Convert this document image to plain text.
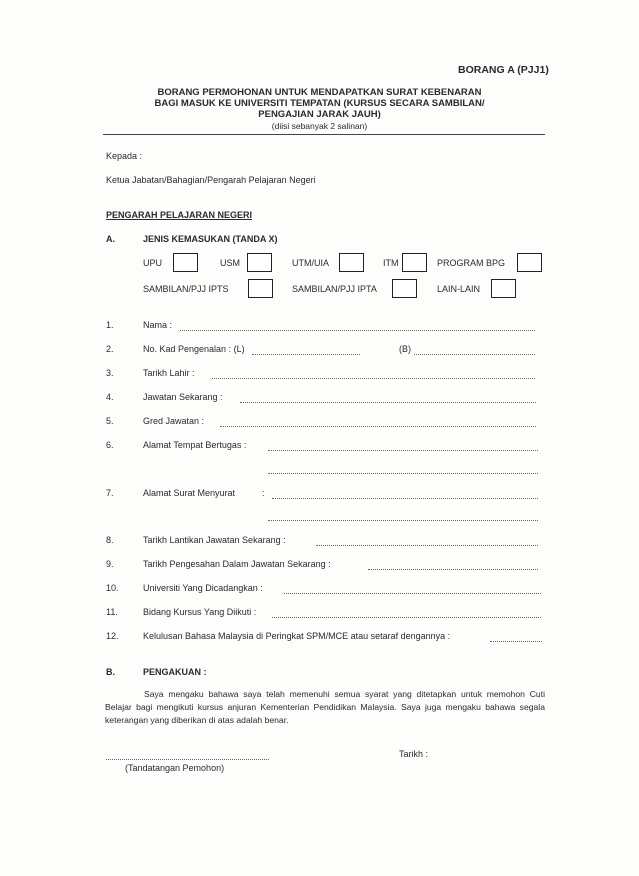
BORANG A (PJJ1)
BORANG PERMOHONAN UNTUK MENDAPATKAN SURAT KEBENARAN
BAGI MASUK KE UNIVERSITI TEMPATAN (KURSUS SECARA SAMBILAN/
PENGAJIAN JARAK JAUH)
(diisi sebanyak 2 salinan)
Kepada :
Ketua Jabatan/Bahagian/Pengarah Pelajaran Negeri
PENGARAH PELAJARAN NEGERI
A.	JENIS KEMASUKAN (TANDA X)
UPU	USM	UTM/UIA	ITM	PROGRAM BPG
SAMBILAN/PJJ IPTS	SAMBILAN/PJJ IPTA	LAIN-LAIN
1.	Nama :
2.	No. Kad Pengenalan : (L)	(B)
3.	Tarikh Lahir :
4.	Jawatan Sekarang :
5.	Gred Jawatan :
6.	Alamat Tempat Bertugas :
7.	Alamat Surat Menyurat	:
8.	Tarikh Lantikan Jawatan Sekarang :
9.	Tarikh Pengesahan Dalam Jawatan Sekarang :
10.	Universiti Yang Dicadangkan :
11.	Bidang Kursus Yang Diikuti :
12.	Kelulusan Bahasa Malaysia di Peringkat SPM/MCE atau setaraf dengannya :
B.	PENGAKUAN :
Saya mengaku bahawa saya telah memenuhi semua syarat yang ditetapkan untuk memohon Cuti Belajar bagi mengikuti kursus anjuran Kementerian Pendidikan Malaysia. Saya juga mengaku bahawa segala keterangan yang diberikan di atas adalah benar.
(Tandatangan Pemohon)
Tarikh :
